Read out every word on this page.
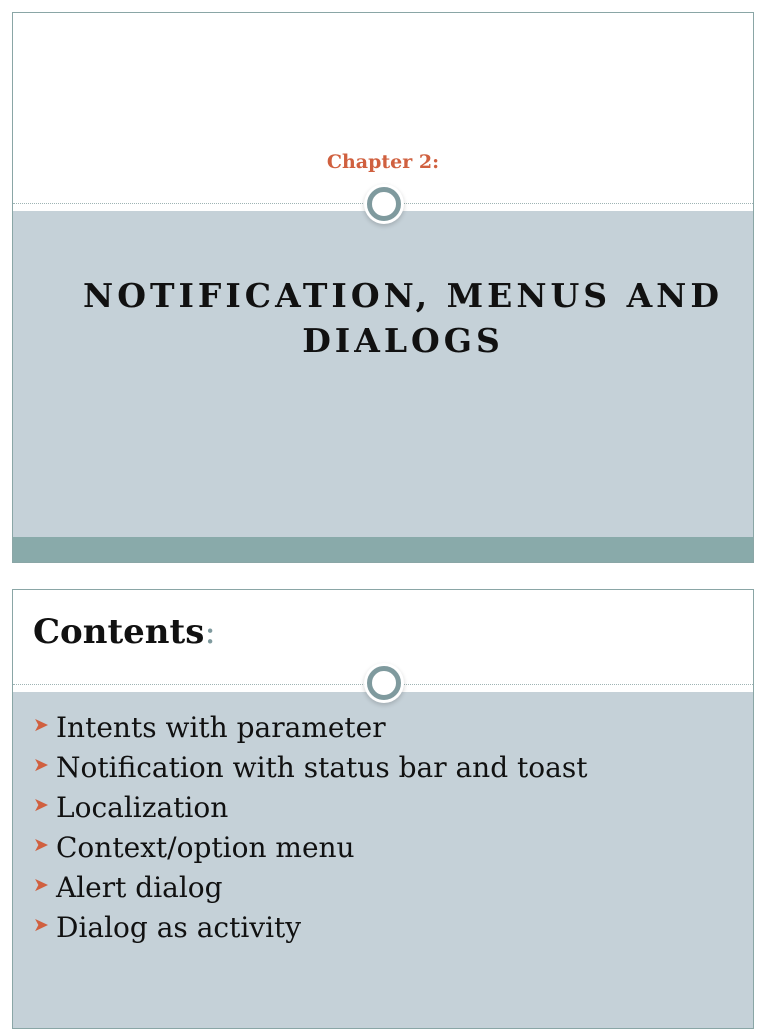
Chapter 2:
NOTIFICATION, MENUS AND
DIALOGS
Contents:
➤ Intents with parameter
➤ Notification with status bar and toast
➤ Localization
➤ Context/option menu
➤ Alert dialog
➤ Dialog as activity
